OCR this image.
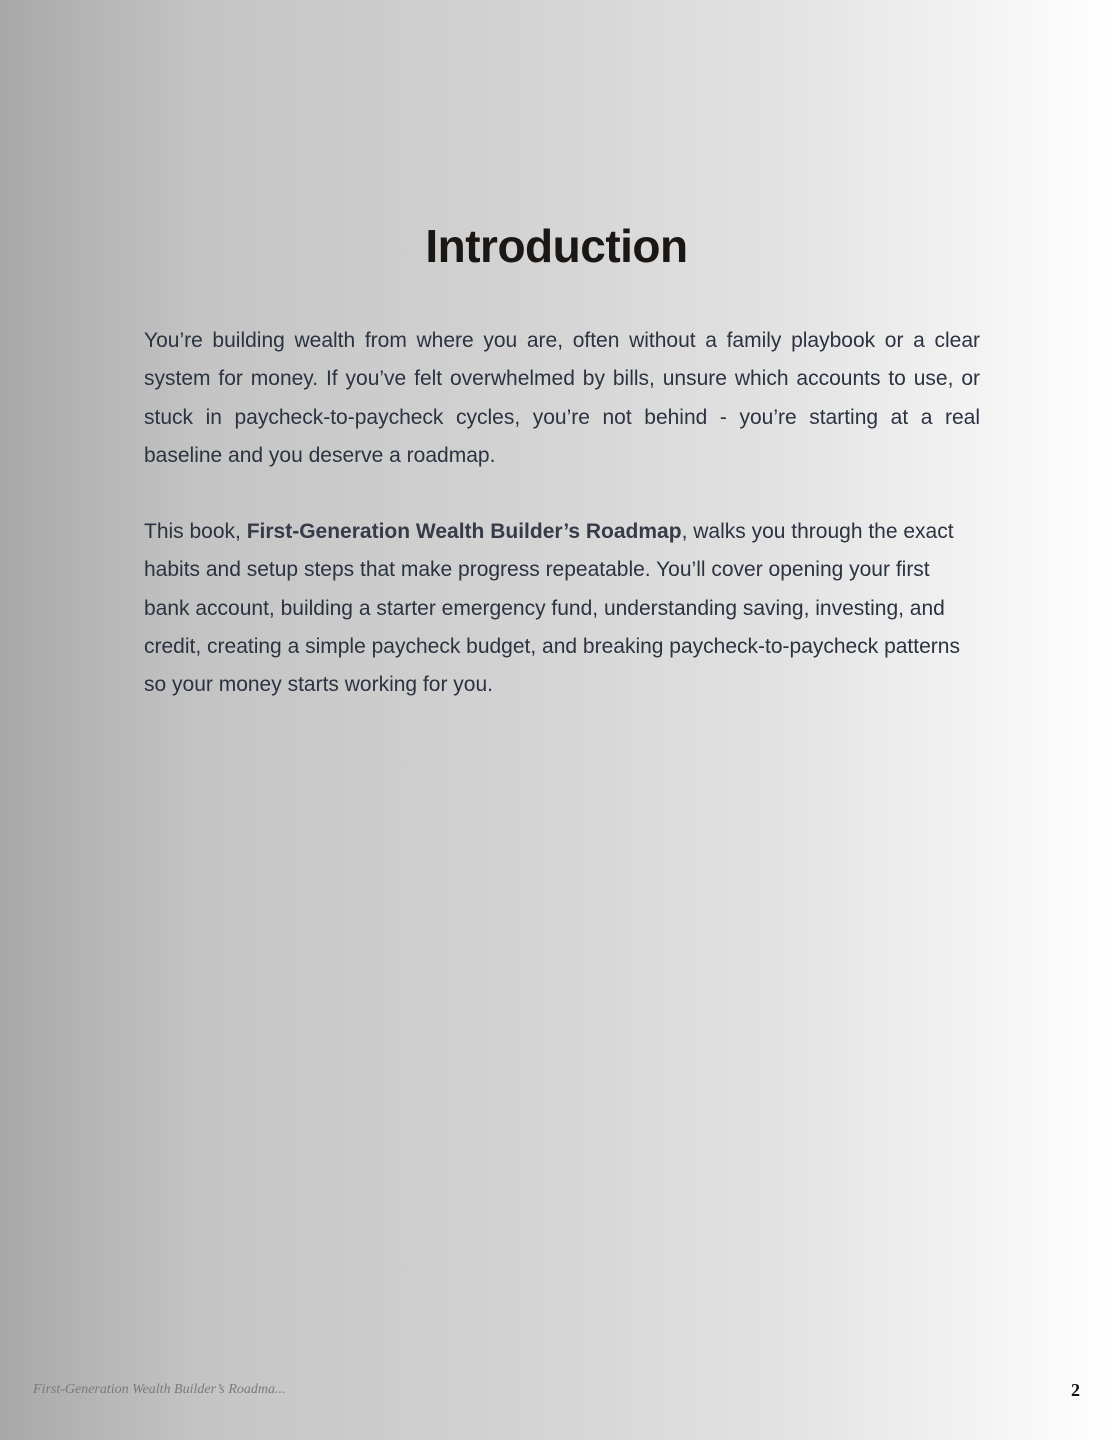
Introduction

You’re building wealth from where you are, often without a family playbook or a clear system for money. If you’ve felt overwhelmed by bills, unsure which accounts to use, or stuck in paycheck-to-paycheck cycles, you’re not behind - you’re starting at a real baseline and you deserve a roadmap.

This book, First-Generation Wealth Builder’s Roadmap, walks you through the exact habits and setup steps that make progress repeatable. You’ll cover opening your first bank account, building a starter emergency fund, understanding saving, investing, and credit, creating a simple paycheck budget, and breaking paycheck-to-paycheck patterns so your money starts working for you.

First-Generation Wealth Builder’s Roadma...	2
